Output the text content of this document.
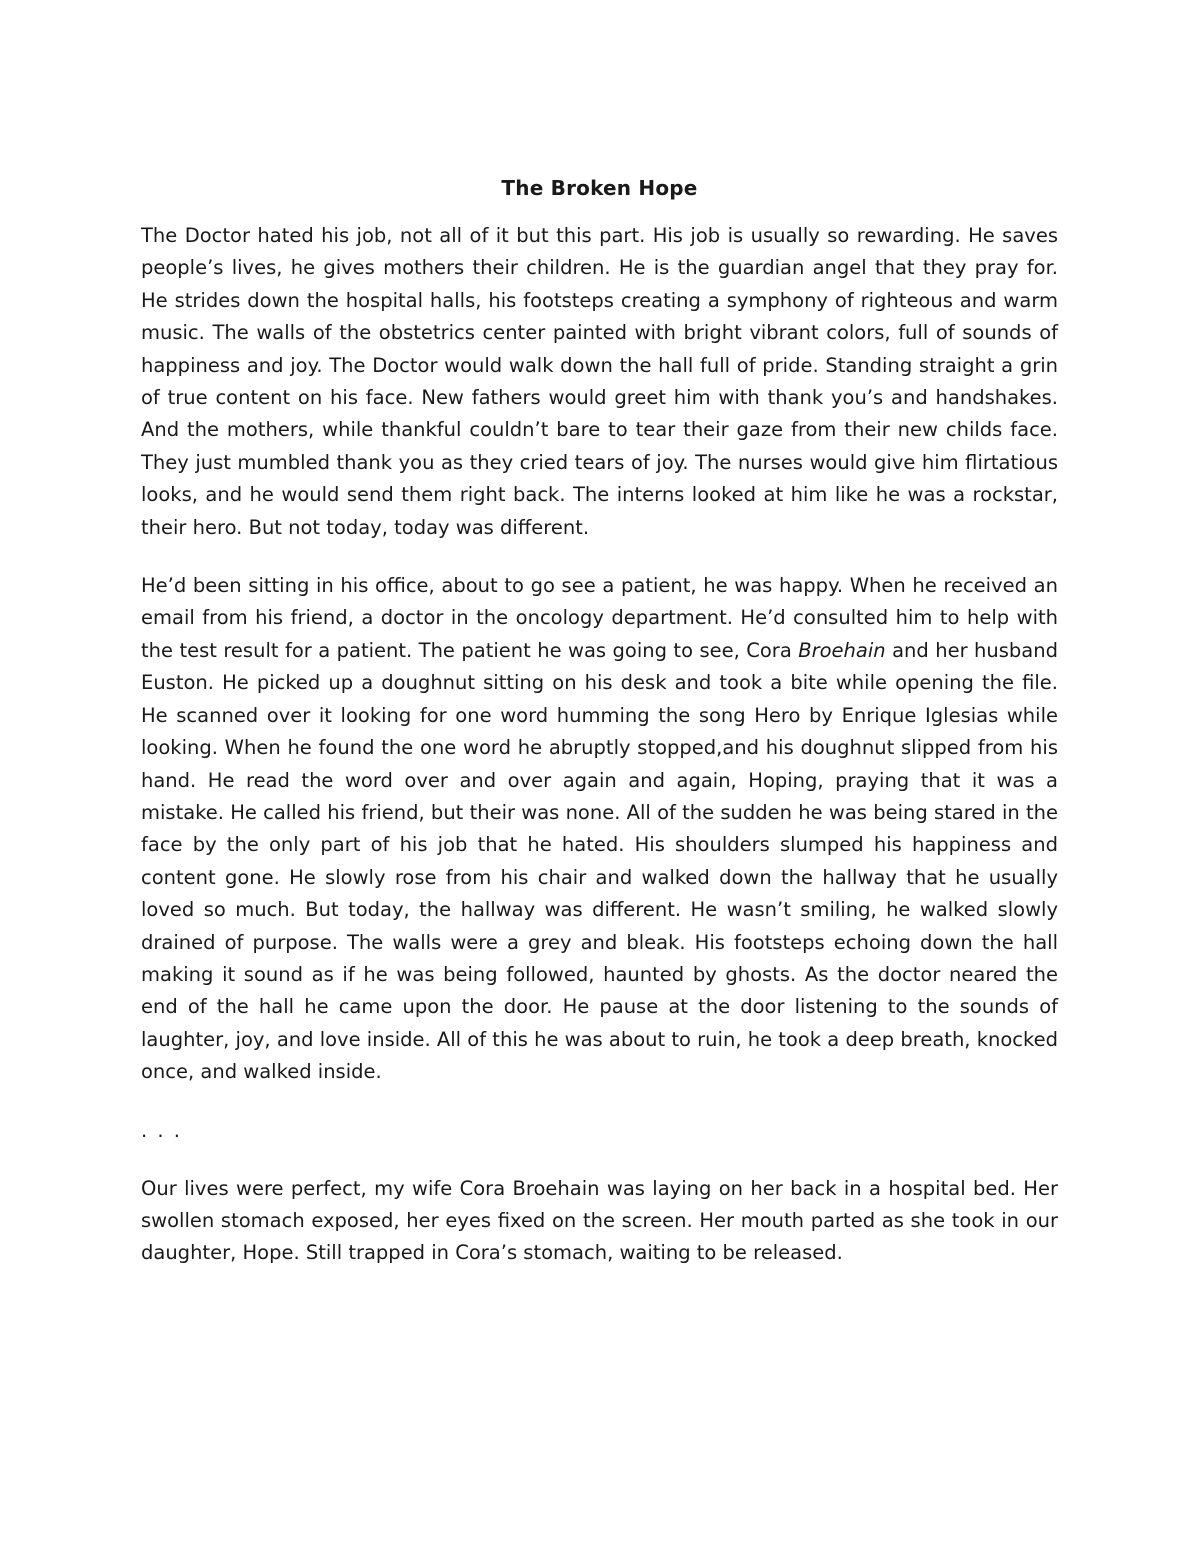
The Broken Hope

The Doctor hated his job, not all of it but this part. His job is usually so rewarding. He saves people’s lives, he gives mothers their children. He is the guardian angel that they pray for. He strides down the hospital halls, his footsteps creating a symphony of righteous and warm music. The walls of the obstetrics center painted with bright vibrant colors, full of sounds of happiness and joy. The Doctor would walk down the hall full of pride. Standing straight a grin of true content on his face. New fathers would greet him with thank you’s and handshakes. And the mothers, while thankful couldn’t bare to tear their gaze from their new childs face. They just mumbled thank you as they cried tears of joy. The nurses would give him flirtatious looks, and he would send them right back. The interns looked at him like he was a rockstar, their hero. But not today, today was different.

He’d been sitting in his office, about to go see a patient, he was happy. When he received an email from his friend, a doctor in the oncology department. He’d consulted him to help with the test result for a patient. The patient he was going to see, Cora Broehain and her husband Euston. He picked up a doughnut sitting on his desk and took a bite while opening the file. He scanned over it looking for one word humming the song Hero by Enrique Iglesias while looking. When he found the one word he abruptly stopped,and his doughnut slipped from his hand. He read the word over and over again and again, Hoping, praying that it was a mistake. He called his friend, but their was none. All of the sudden he was being stared in the face by the only part of his job that he hated. His shoulders slumped his happiness and content gone. He slowly rose from his chair and walked down the hallway that he usually loved so much. But today, the hallway was different. He wasn’t smiling, he walked slowly drained of purpose. The walls were a grey and bleak. His footsteps echoing down the hall making it sound as if he was being followed, haunted by ghosts. As the doctor neared the end of the hall he came upon the door. He pause at the door listening to the sounds of laughter, joy, and love inside. All of this he was about to ruin, he took a deep breath, knocked once, and walked inside.

. . .

Our lives were perfect, my wife Cora Broehain was laying on her back in a hospital bed. Her swollen stomach exposed, her eyes fixed on the screen. Her mouth parted as she took in our daughter, Hope. Still trapped in Cora’s stomach, waiting to be released.
